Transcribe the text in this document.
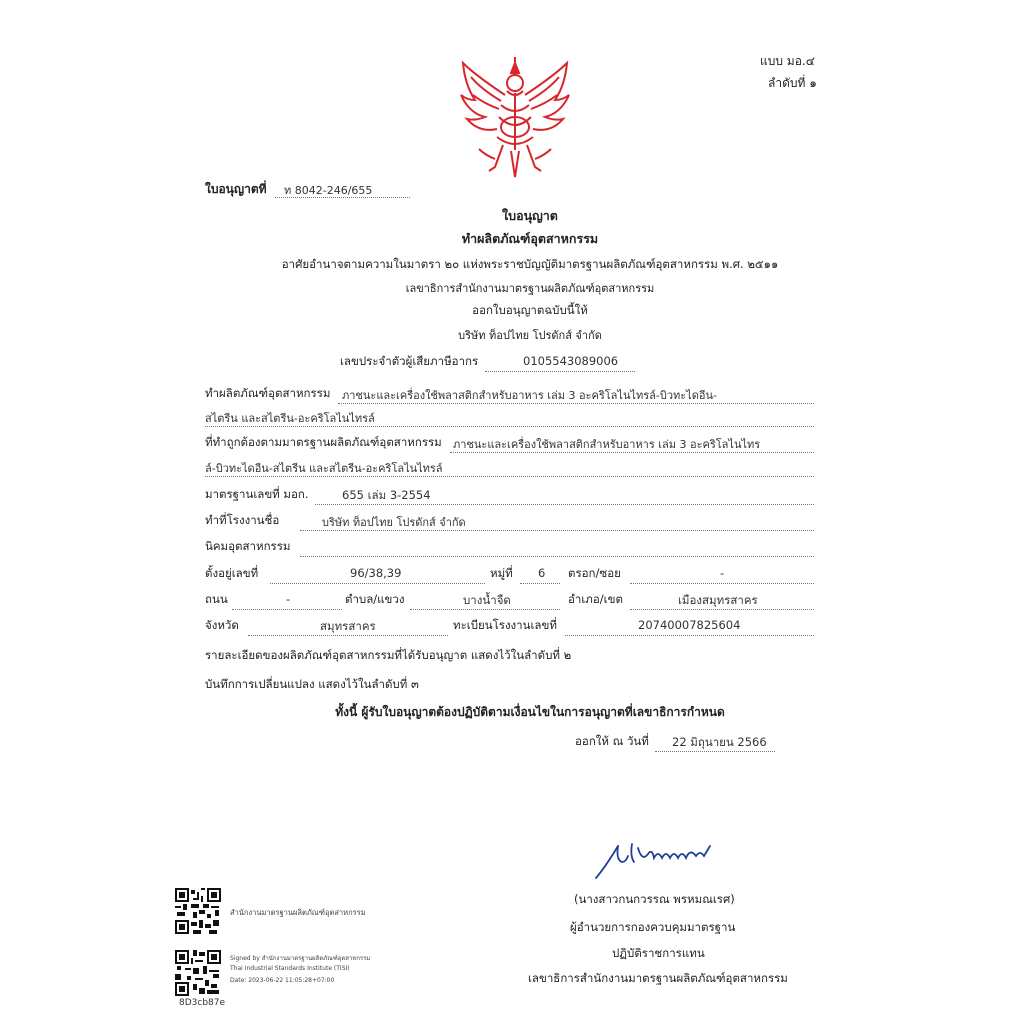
แบบ มอ.๔
ลำดับที่ ๑
ใบอนุญาตที่ ท 8042-246/655
ใบอนุญาต
ทำผลิตภัณฑ์อุตสาหกรรม
อาศัยอำนาจตามความในมาตรา ๒๐ แห่งพระราชบัญญัติมาตรฐานผลิตภัณฑ์อุตสาหกรรม พ.ศ. ๒๕๑๑
เลขาธิการสำนักงานมาตรฐานผลิตภัณฑ์อุตสาหกรรม
ออกใบอนุญาตฉบับนี้ให้
บริษัท ท็อปไทย โปรดักส์ จำกัด
เลขประจำตัวผู้เสียภาษีอากร	0105543089006
ทำผลิตภัณฑ์อุตสาหกรรม ภาชนะและเครื่องใช้พลาสติกสำหรับอาหาร เล่ม 3 อะคริโลไนไทรล์-บิวทะไดอีน-
สไตรีน และสไตรีน-อะคริโลไนไทรล์
ที่ทำถูกต้องตามมาตรฐานผลิตภัณฑ์อุตสาหกรรม ภาชนะและเครื่องใช้พลาสติกสำหรับอาหาร เล่ม 3 อะคริโลไนไทร
ล์-บิวทะไดอีน-สไตรีน และสไตรีน-อะคริโลไนไทรล์
มาตรฐานเลขที่ มอก.	655 เล่ม 3-2554
ทำที่โรงงานชื่อ	บริษัท ท็อปไทย โปรดักส์ จำกัด
นิคมอุตสาหกรรม
ตั้งอยู่เลขที่	96/38,39	หมู่ที่ 6 ตรอก/ซอย	-
ถนน	-	ตำบล/แขวง	บางน้ำจืด	อำเภอ/เขต	เมืองสมุทรสาคร
จังหวัด	สมุทรสาคร	ทะเบียนโรงงานเลขที่	20740007825604
รายละเอียดของผลิตภัณฑ์อุตสาหกรรมที่ได้รับอนุญาต แสดงไว้ในลำดับที่ ๒
บันทึกการเปลี่ยนแปลง แสดงไว้ในลำดับที่ ๓
ทั้งนี้ ผู้รับใบอนุญาตต้องปฏิบัติตามเงื่อนไขในการอนุญาตที่เลขาธิการกำหนด
ออกให้ ณ วันที่ 22 มิถุนายน 2566
(นางสาวกนกวรรณ พรหมณเรศ)
ผู้อำนวยการกองควบคุมมาตรฐาน
ปฏิบัติราชการแทน
เลขาธิการสำนักงานมาตรฐานผลิตภัณฑ์อุตสาหกรรม
สำนักงานมาตรฐานผลิตภัณฑ์อุตสาหกรรม
Signed by สำนักงานมาตรฐานผลิตภัณฑ์อุตสาหกรรม
Thai Industrial Standards Institute (TISI)
Date: 2023-06-22 11:05:28+07:00
8D3cb87e
